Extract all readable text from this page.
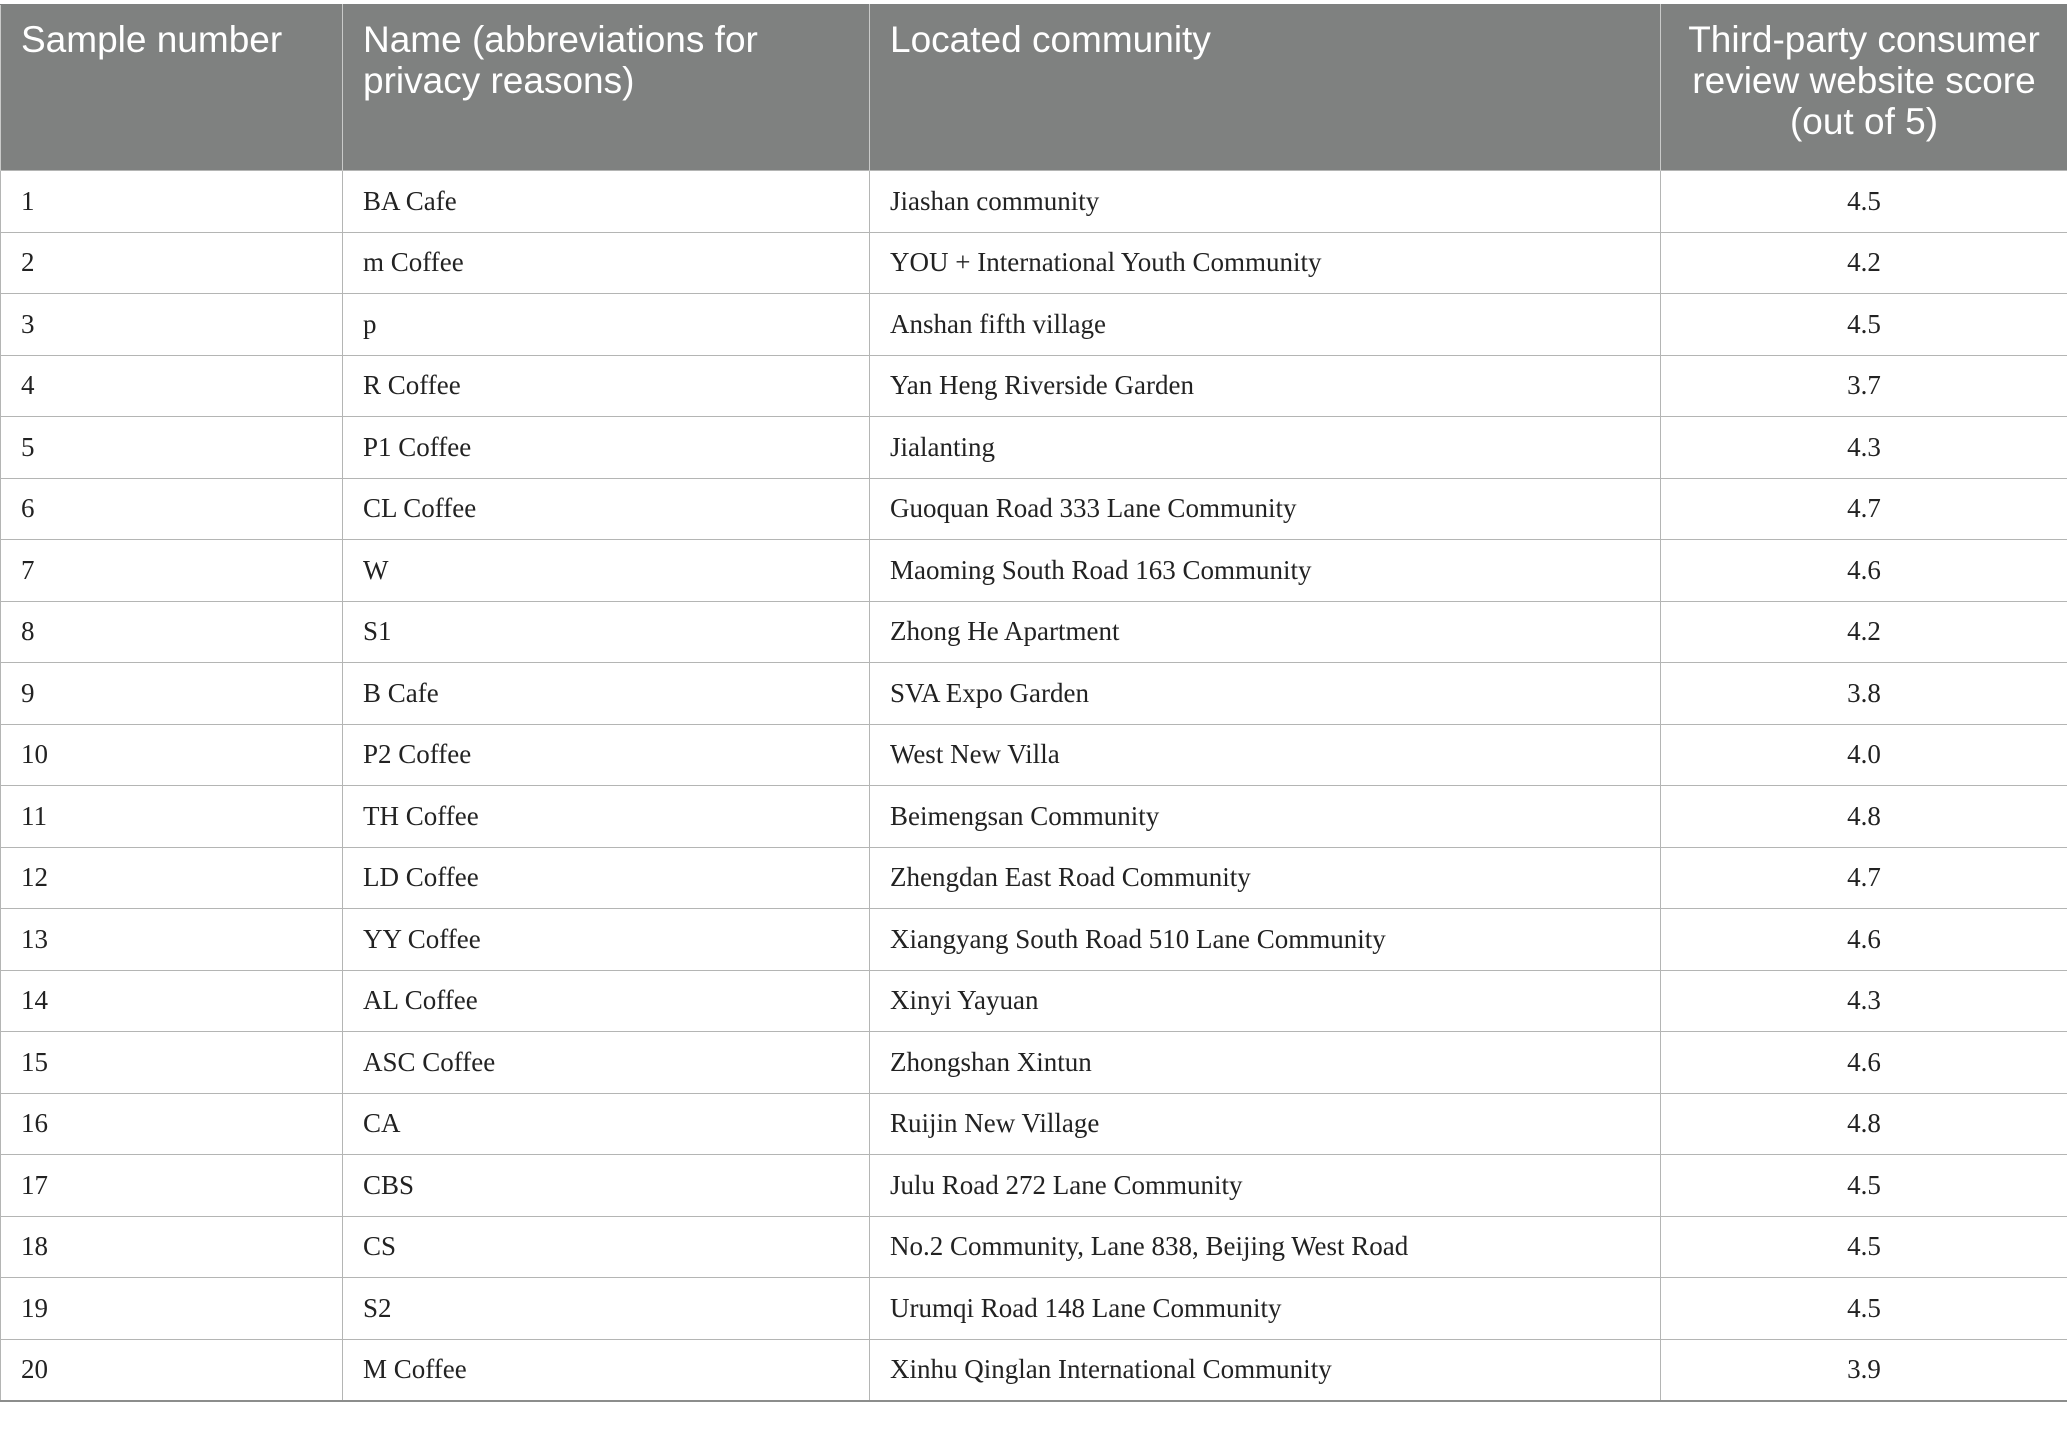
Sample number	Name (abbreviations for privacy reasons)	Located community	Third-party consumer review website score (out of 5)
1	BA Cafe	Jiashan community	4.5
2	m Coffee	YOU + International Youth Community	4.2
3	p	Anshan fifth village	4.5
4	R Coffee	Yan Heng Riverside Garden	3.7
5	P1 Coffee	Jialanting	4.3
6	CL Coffee	Guoquan Road 333 Lane Community	4.7
7	W	Maoming South Road 163 Community	4.6
8	S1	Zhong He Apartment	4.2
9	B Cafe	SVA Expo Garden	3.8
10	P2 Coffee	West New Villa	4.0
11	TH Coffee	Beimengsan Community	4.8
12	LD Coffee	Zhengdan East Road Community	4.7
13	YY Coffee	Xiangyang South Road 510 Lane Community	4.6
14	AL Coffee	Xinyi Yayuan	4.3
15	ASC Coffee	Zhongshan Xintun	4.6
16	CA	Ruijin New Village	4.8
17	CBS	Julu Road 272 Lane Community	4.5
18	CS	No.2 Community, Lane 838, Beijing West Road	4.5
19	S2	Urumqi Road 148 Lane Community	4.5
20	M Coffee	Xinhu Qinglan International Community	3.9
